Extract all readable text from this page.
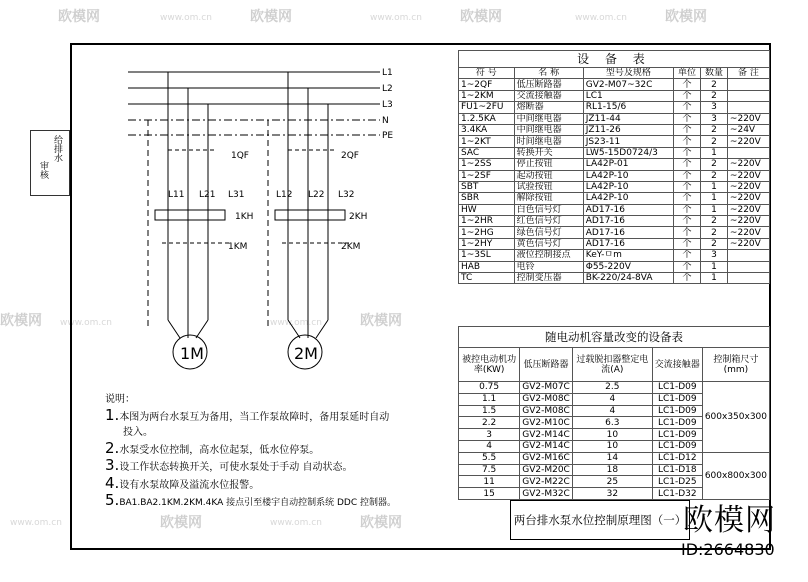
欧模网	欧模网	欧模网	欧模网
欧模网	欧模网
欧模网
欧模网
www.om.cn	www.om.cn	www.om.cn
www.om.cn	www.om.cn
www.om.cn	www.om.cn
给排水
审核
L1
L2
L3
N
PE
1QF	2QF
L11 L21 L31	L12 L22 L32
1KH	2KH
1KM	2KM
1M	2M
说明：
1.本图为两台水泵互为备用，当工作泵故障时，备用泵延时自动
投入。
2.水泵受水位控制，高水位起泵，低水位停泵。
3.设工作状态转换开关，可使水泵处于手动 自动状态。
4.设有水泵故障及溢流水位报警。
5.BA1.BA2.1KM.2KM.4KA 接点引至楼宇自动控制系统 DDC 控制器。
设 备 表					
符 号	名 称	型号及规格	单位	数量	备 注
1~2QF	低压断路器	GV2-M07~32C	个	2	
1~2KM	交流接触器	LC1	个	2	
FU1~2FU	熔断器	RL1-15/6	个	3	
1.2.5KA	中间继电器	JZ11-44	个	3	~220V
3.4KA	中间继电器	JZ11-26	个	2	~24V
1~2KT	时间继电器	JS23-11	个	2	~220V
SAC	转换开关	LW5-15D0724/3	个	1	
1~2SS	停止按钮	LA42P-01	个	2	~220V
1~2SF	起动按钮	LA42P-10	个	2	~220V
SBT	试验按钮	LA42P-10	个	1	~220V
SBR	解除按钮	LA42P-10	个	1	~220V
HW	白色信号灯	AD17-16	个	1	~220V
1~2HR	红色信号灯	AD17-16	个	2	~220V
1~2HG	绿色信号灯	AD17-16	个	2	~220V
1~2HY	黄色信号灯	AD17-16	个	2	~220V
1~3SL	液位控制接点	KeY-ㅁm	个	3	
HAB	电铃	Φ55-220V	个	1	
TC	控制变压器	BK-220/24-8VA	个	1	
随电动机容量改变的设备表				
被控电动机功率(KW)	低压断路器	过载脱扣器整定电流(A)	交流接触器	控制箱尺寸
(mm)
0.75	GV2-M07C	2.5	LC1-D09	600x350x300
1.1	GV2-M08C	4	LC1-D09	
1.5	GV2-M08C	4	LC1-D09	
2.2	GV2-M10C	6.3	LC1-D09	
3	GV2-M14C	10	LC1-D09	
4	GV2-M14C	10	LC1-D09	
5.5	GV2-M16C	14	LC1-D12	600x800x300
7.5	GV2-M20C	18	LC1-D18	
11	GV2-M22C	25	LC1-D25	
15	GV2-M32C	32	LC1-D32	
两台排水泵水位控制原理图（一）
欧模网
ID:2664830
